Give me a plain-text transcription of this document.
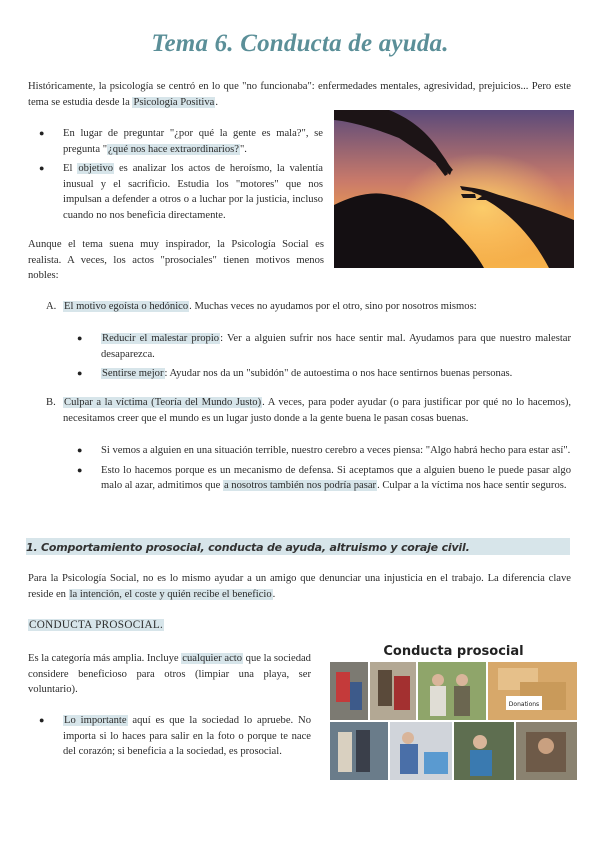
Tema 6. Conducta de ayuda.
Históricamente, la psicología se centró en lo que "no funcionaba": enfermedades mentales, agresividad, prejuicios... Pero este tema se estudia desde la Psicología Positiva.
● En lugar de preguntar "¿por qué la gente es mala?", se pregunta "¿qué nos hace extraordinarios?".
● El objetivo es analizar los actos de heroísmo, la valentía inusual y el sacrificio. Estudia los "motores" que nos impulsan a defender a otros o a luchar por la justicia, incluso cuando no nos beneficia directamente.
Aunque el tema suena muy inspirador, la Psicología Social es realista. A veces, los actos "prosociales" tienen motivos menos nobles:
A. El motivo egoísta o hedónico. Muchas veces no ayudamos por el otro, sino por nosotros mismos:
● Reducir el malestar propio: Ver a alguien sufrir nos hace sentir mal. Ayudamos para que nuestro malestar desaparezca.
● Sentirse mejor: Ayudar nos da un "subidón" de autoestima o nos hace sentirnos buenas personas.
B. Culpar a la víctima (Teoría del Mundo Justo). A veces, para poder ayudar (o para justificar por qué no lo hacemos), necesitamos creer que el mundo es un lugar justo donde a la gente buena le pasan cosas buenas.
● Si vemos a alguien en una situación terrible, nuestro cerebro a veces piensa: "Algo habrá hecho para estar así".
● Esto lo hacemos porque es un mecanismo de defensa. Si aceptamos que a alguien bueno le puede pasar algo malo al azar, admitimos que a nosotros también nos podría pasar. Culpar a la víctima nos hace sentir seguros.
1. Comportamiento prosocial, conducta de ayuda, altruismo y coraje civil.
Para la Psicología Social, no es lo mismo ayudar a un amigo que denunciar una injusticia en el trabajo. La diferencia clave reside en la intención, el coste y quién recibe el beneficio.
CONDUCTA PROSOCIAL.
Es la categoría más amplia. Incluye cualquier acto que la sociedad considere beneficioso para otros (limpiar una playa, ser voluntario).
● Lo importante aquí es que la sociedad lo apruebe. No importa si lo haces para salir en la foto o porque te nace del corazón; si beneficia a la sociedad, es prosocial.
Conducta prosocial
Donations
